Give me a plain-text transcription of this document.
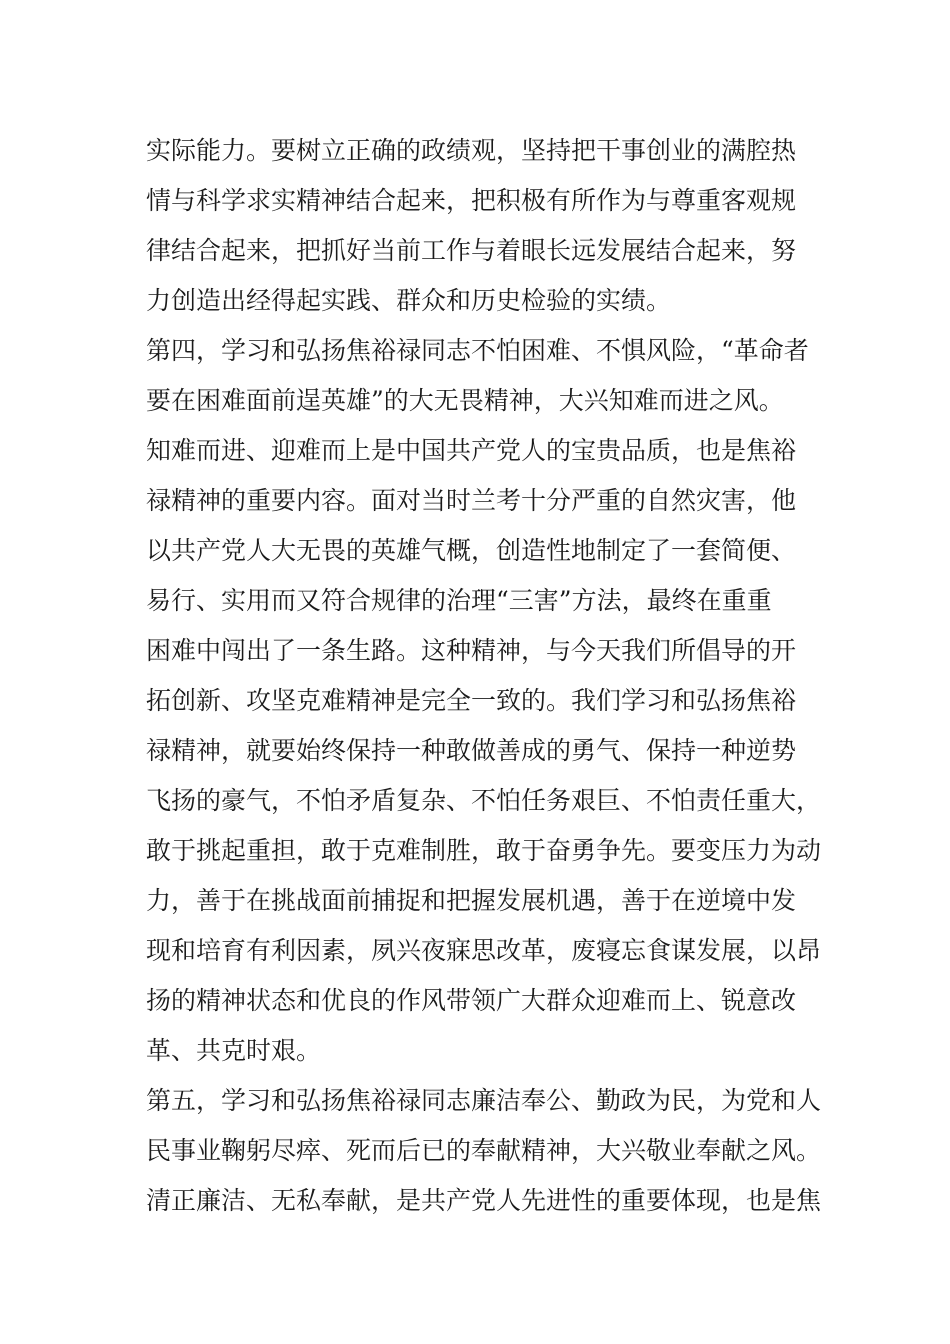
实际能力。要树立正确的政绩观，坚持把干事创业的满腔热
情与科学求实精神结合起来，把积极有所作为与尊重客观规
律结合起来，把抓好当前工作与着眼长远发展结合起来，努
力创造出经得起实践、群众和历史检验的实绩。
第四，学习和弘扬焦裕禄同志不怕困难、不惧风险，“革命者
要在困难面前逞英雄”的大无畏精神，大兴知难而进之风。
知难而进、迎难而上是中国共产党人的宝贵品质，也是焦裕
禄精神的重要内容。面对当时兰考十分严重的自然灾害，他
以共产党人大无畏的英雄气概，创造性地制定了一套简便、
易行、实用而又符合规律的治理“三害”方法，最终在重重
困难中闯出了一条生路。这种精神，与今天我们所倡导的开
拓创新、攻坚克难精神是完全一致的。我们学习和弘扬焦裕
禄精神，就要始终保持一种敢做善成的勇气、保持一种逆势
飞扬的豪气，不怕矛盾复杂、不怕任务艰巨、不怕责任重大，
敢于挑起重担，敢于克难制胜，敢于奋勇争先。要变压力为动
力，善于在挑战面前捕捉和把握发展机遇，善于在逆境中发
现和培育有利因素，夙兴夜寐思改革，废寝忘食谋发展，以昂
扬的精神状态和优良的作风带领广大群众迎难而上、锐意改
革、共克时艰。
第五，学习和弘扬焦裕禄同志廉洁奉公、勤政为民，为党和人
民事业鞠躬尽瘁、死而后已的奉献精神，大兴敬业奉献之风。
清正廉洁、无私奉献，是共产党人先进性的重要体现，也是焦
